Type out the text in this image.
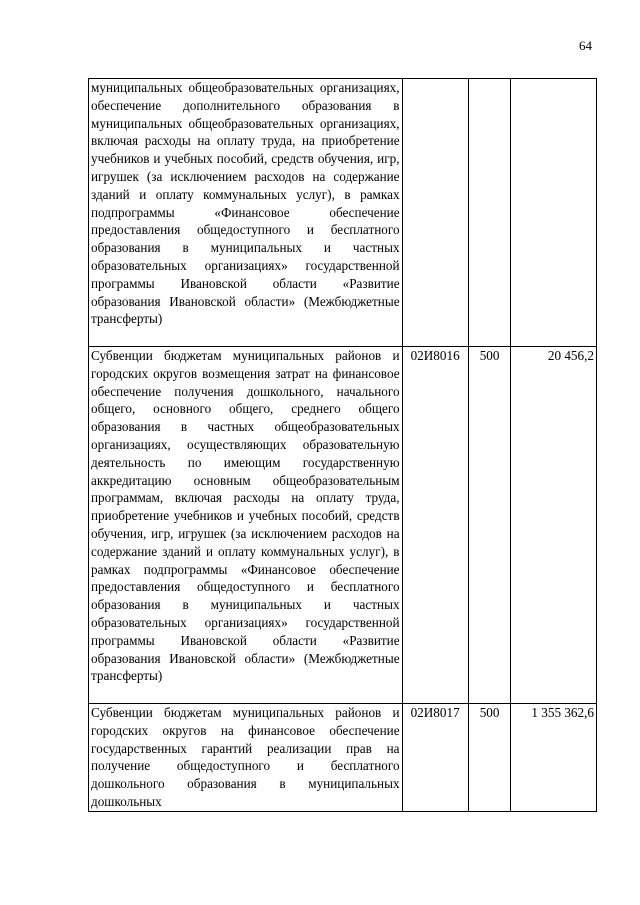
64
муниципальных общеобразовательных организациях, обеспечение дополнительного образования в муниципальных общеобразовательных организациях, включая расходы на оплату труда, на приобретение учебников и учебных пособий, средств обучения, игр, игрушек (за исключением расходов на содержание зданий и оплату коммунальных услуг), в рамках подпрограммы «Финансовое обеспечение предоставления общедоступного и бесплатного образования в муниципальных и частных образовательных организациях» государственной программы Ивановской области «Развитие образования Ивановской области» (Межбюджетные трансферты)			
Субвенции бюджетам муниципальных районов и городских округов возмещения затрат на финансовое обеспечение получения дошкольного, начального общего, основного общего, среднего общего образования в частных общеобразовательных организациях, осуществляющих образовательную деятельность по имеющим государственную аккредитацию основным общеобразовательным программам, включая расходы на оплату труда, приобретение учебников и учебных пособий, средств обучения, игр, игрушек (за исключением расходов на содержание зданий и оплату коммунальных услуг), в рамках подпрограммы «Финансовое обеспечение предоставления общедоступного и бесплатного образования в муниципальных и частных образовательных организациях» государственной программы Ивановской области «Развитие образования Ивановской области» (Межбюджетные трансферты)	02И8016	500	20 456,2
Субвенции бюджетам муниципальных районов и городских округов на финансовое обеспечение государственных гарантий реализации прав на получение общедоступного и бесплатного дошкольного образования в муниципальных дошкольных	02И8017	500	1 355 362,6
